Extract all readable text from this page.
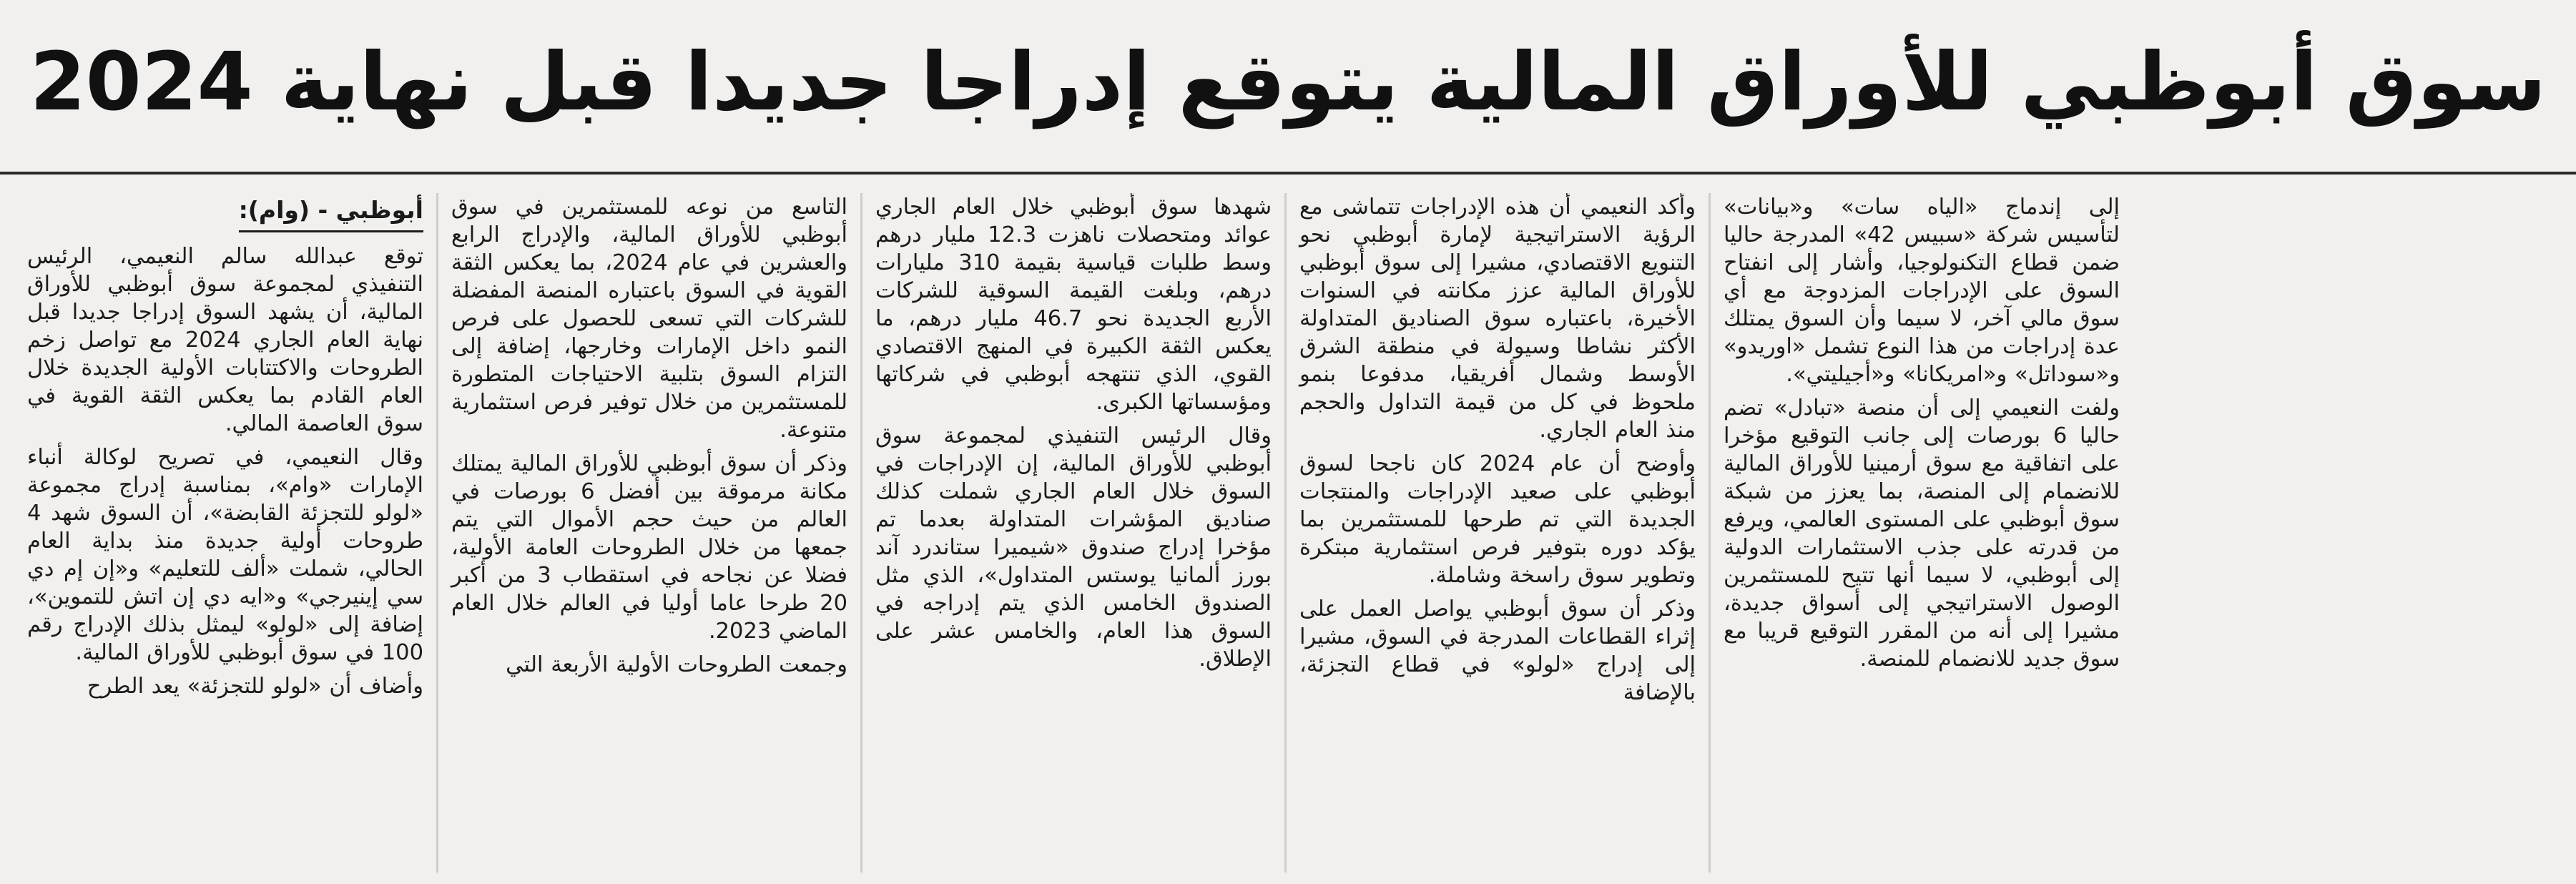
سوق أبوظبي للأوراق المالية يتوقع إدراجا جديدا قبل نهاية 2024
أبوظبي - (وام):

توقع عبدالله سالم النعيمي، الرئيس التنفيذي لمجموعة سوق أبوظبي للأوراق المالية، أن يشهد السوق إدراجا جديدا قبل نهاية العام الجاري 2024 مع تواصل زخم الطروحات والاكتتابات الأولية الجديدة خلال العام القادم بما يعكس الثقة القوية في سوق العاصمة المالي.

وقال النعيمي، في تصريح لوكالة أنباء الإمارات «وام»، بمناسبة إدراج مجموعة «لولو للتجزئة القابضة»، أن السوق شهد 4 طروحات أولية جديدة منذ بداية العام الحالي، شملت «ألف للتعليم» و«إن إم دي سي إينيرجي» و«ايه دي إن اتش للتموين»، إضافة إلى «لولو» ليمثل بذلك الإدراج رقم 100 في سوق أبوظبي للأوراق المالية.

وأضاف أن «لولو للتجزئة» يعد الطرح

التاسع من نوعه للمستثمرين في سوق أبوظبي للأوراق المالية، والإدراج الرابع والعشرين في عام 2024، بما يعكس الثقة القوية في السوق باعتباره المنصة المفضلة للشركات التي تسعى للحصول على فرص النمو داخل الإمارات وخارجها، إضافة إلى التزام السوق بتلبية الاحتياجات المتطورة للمستثمرين من خلال توفير فرص استثمارية متنوعة.

وذكر أن سوق أبوظبي للأوراق المالية يمتلك مكانة مرموقة بين أفضل 6 بورصات في العالم من حيث حجم الأموال التي يتم جمعها من خلال الطروحات العامة الأولية، فضلا عن نجاحه في استقطاب 3 من أكبر 20 طرحا عاما أوليا في العالم خلال العام الماضي 2023.

وجمعت الطروحات الأولية الأربعة التي

شهدها سوق أبوظبي خلال العام الجاري عوائد ومتحصلات ناهزت 12.3 مليار درهم وسط طلبات قياسية بقيمة 310 مليارات درهم، وبلغت القيمة السوقية للشركات الأربع الجديدة نحو 46.7 مليار درهم، ما يعكس الثقة الكبيرة في المنهج الاقتصادي القوي، الذي تنتهجه أبوظبي في شركاتها ومؤسساتها الكبرى.

وقال الرئيس التنفيذي لمجموعة سوق أبوظبي للأوراق المالية، إن الإدراجات في السوق خلال العام الجاري شملت كذلك صناديق المؤشرات المتداولة بعدما تم مؤخرا إدراج صندوق «شيميرا ستاندرد آند بورز ألمانيا يوستس المتداول»، الذي مثل الصندوق الخامس الذي يتم إدراجه في السوق هذا العام، والخامس عشر على الإطلاق.

وأكد النعيمي أن هذه الإدراجات تتماشى مع الرؤية الاستراتيجية لإمارة أبوظبي نحو التنويع الاقتصادي، مشيرا إلى سوق أبوظبي للأوراق المالية عزز مكانته في السنوات الأخيرة، باعتباره سوق الصناديق المتداولة الأكثر نشاطا وسيولة في منطقة الشرق الأوسط وشمال أفريقيا، مدفوعا بنمو ملحوظ في كل من قيمة التداول والحجم منذ العام الجاري.

وأوضح أن عام 2024 كان ناجحا لسوق أبوظبي على صعيد الإدراجات والمنتجات الجديدة التي تم طرحها للمستثمرين بما يؤكد دوره بتوفير فرص استثمارية مبتكرة وتطوير سوق راسخة وشاملة.

وذكر أن سوق أبوظبي يواصل العمل على إثراء القطاعات المدرجة في السوق، مشيرا إلى إدراج «لولو» في قطاع التجزئة، بالإضافة

إلى إندماج «الياه سات» و«بيانات» لتأسيس شركة «سبيس 42» المدرجة حاليا ضمن قطاع التكنولوجيا، وأشار إلى انفتاح السوق على الإدراجات المزدوجة مع أي سوق مالي آخر، لا سيما وأن السوق يمتلك عدة إدراجات من هذا النوع تشمل «اوريدو» و«سوداتل» و«امريكانا» و«أجيليتي».

ولفت النعيمي إلى أن منصة «تبادل» تضم حاليا 6 بورصات إلى جانب التوقيع مؤخرا على اتفاقية مع سوق أرمينيا للأوراق المالية للانضمام إلى المنصة، بما يعزز من شبكة سوق أبوظبي على المستوى العالمي، ويرفع من قدرته على جذب الاستثمارات الدولية إلى أبوظبي، لا سيما أنها تتيح للمستثمرين الوصول الاستراتيجي إلى أسواق جديدة، مشيرا إلى أنه من المقرر التوقيع قريبا مع سوق جديد للانضمام للمنصة.
